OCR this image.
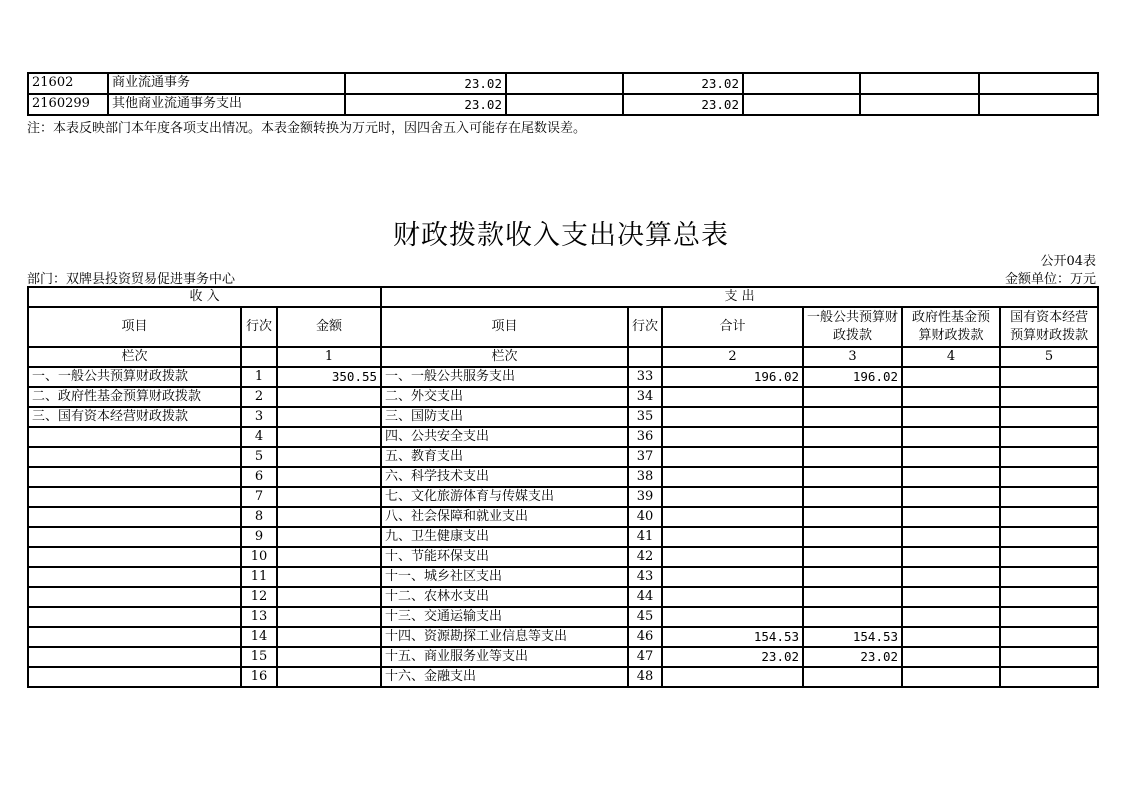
21602	商业流通事务	23.02		23.02			
2160299	其他商业流通事务支出	23.02		23.02			
注：本表反映部门本年度各项支出情况。本表金额转换为万元时，因四舍五入可能存在尾数误差。
财政拨款收入支出决算总表
公开04表
部门：双牌县投资贸易促进事务中心	金额单位：万元
收 入			支 出					
项目	行次	金额	项目	行次	合计	一般公共预算财政拨款	政府性基金预算财政拨款	国有资本经营预算财政拨款
栏次		1	栏次		2	3	4	5
一、一般公共预算财政拨款	1	350.55	一、一般公共服务支出	33	196.02	196.02		
二、政府性基金预算财政拨款	2		二、外交支出	34				
三、国有资本经营财政拨款	3		三、国防支出	35				
	4		四、公共安全支出	36				
	5		五、教育支出	37				
	6		六、科学技术支出	38				
	7		七、文化旅游体育与传媒支出	39				
	8		八、社会保障和就业支出	40				
	9		九、卫生健康支出	41				
	10		十、节能环保支出	42				
	11		十一、城乡社区支出	43				
	12		十二、农林水支出	44				
	13		十三、交通运输支出	45				
	14		十四、资源勘探工业信息等支出	46	154.53	154.53		
	15		十五、商业服务业等支出	47	23.02	23.02		
	16		十六、金融支出	48				
